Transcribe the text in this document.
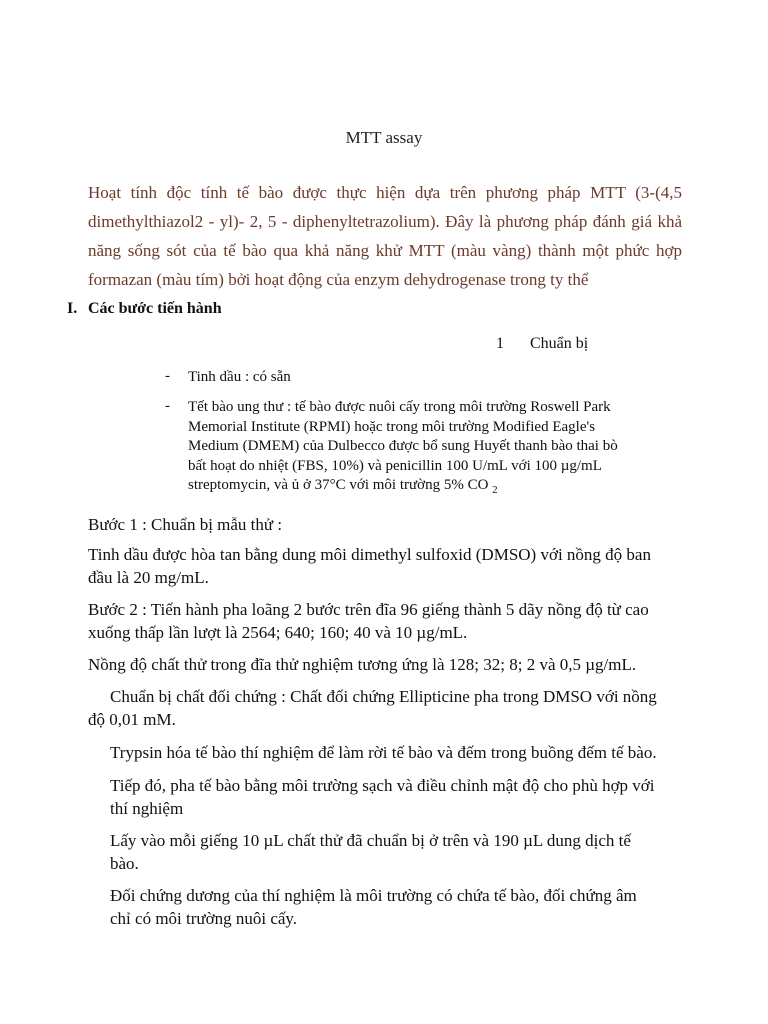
MTT assay
Hoạt tính độc tính tế bào được thực hiện dựa trên phương pháp MTT (3-(4,5
dimethylthiazol2 - yl)- 2, 5 - diphenyltetrazolium). Đây là phương pháp đánh giá khả
năng sống sót của tế bào qua khả năng khử MTT (màu vàng) thành một phức hợp
formazan (màu tím) bởi hoạt động của enzym dehydrogenase trong ty thể
I. Các bước tiến hành
1 Chuẩn bị
- Tinh dầu : có sẵn
- Tết bào ung thư : tế bào được nuôi cấy trong môi trường Roswell Park
Memorial Institute (RPMI) hoặc trong môi trường Modified Eagle's
Medium (DMEM) của Dulbecco được bổ sung Huyết thanh bào thai bò
bất hoạt do nhiệt (FBS, 10%) và penicillin 100 U/mL với 100 µg/mL
streptomycin, và ủ ở 37°C với môi trường 5% CO $_2$
Bước 1 : Chuẩn bị mẫu thử :
Tinh dầu được hòa tan bằng dung môi dimethyl sulfoxid (DMSO) với nồng độ ban
đầu là 20 mg/mL.
Bước 2 : Tiến hành pha loãng 2 bước trên đĩa 96 giếng thành 5 dãy nồng độ từ cao
xuống thấp lần lượt là 2564; 640; 160; 40 và 10 µg/mL.
Nồng độ chất thử trong đĩa thử nghiệm tương ứng là 128; 32; 8; 2 và 0,5 µg/mL.
Chuẩn bị chất đối chứng : Chất đối chứng Ellipticine pha trong DMSO với nồng
độ 0,01 mM.
Trypsin hóa tế bào thí nghiệm để làm rời tế bào và đếm trong buồng đếm tế bào.
Tiếp đó, pha tế bào bằng môi trường sạch và điều chỉnh mật độ cho phù hợp với
thí nghiệm
Lấy vào mỗi giếng 10 µL chất thử đã chuẩn bị ở trên và 190 µL dung dịch tế
bào.
Đối chứng dương của thí nghiệm là môi trường có chứa tế bào, đối chứng âm
chỉ có môi trường nuôi cấy.
